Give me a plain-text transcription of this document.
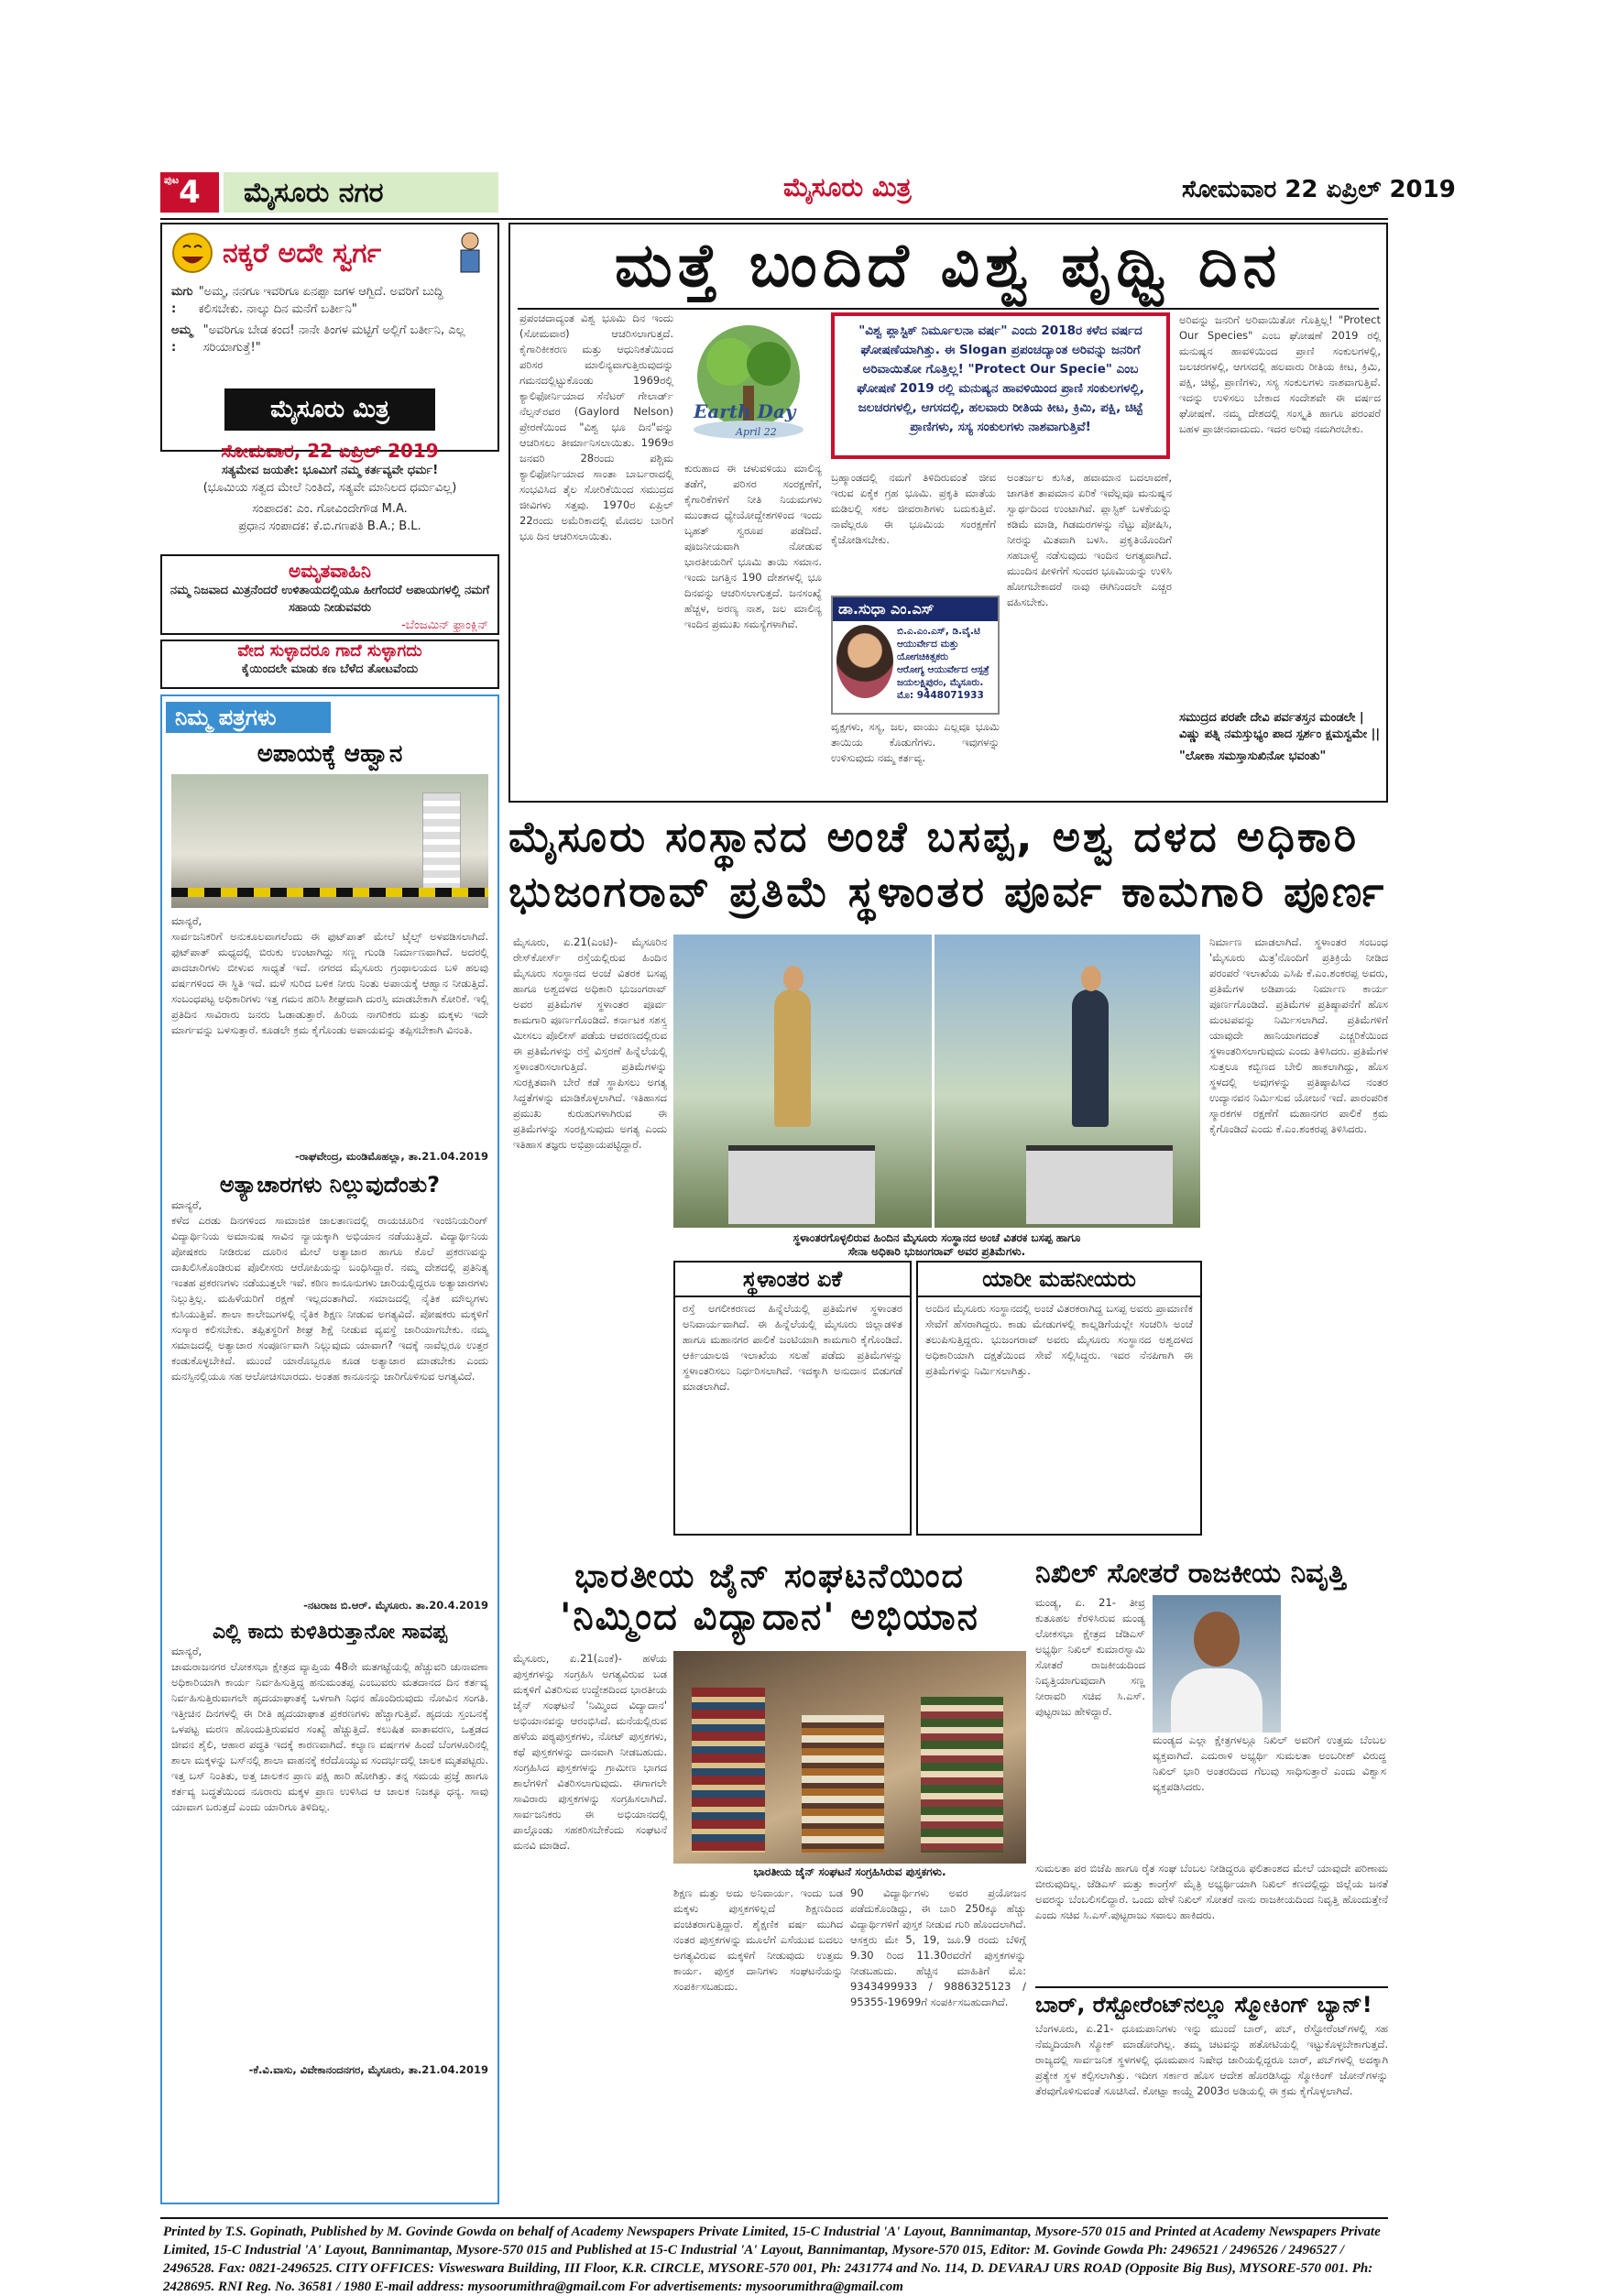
ಪುಟ 4	ಮೈಸೂರು ನಗರ	ಮೈಸೂರು ಮಿತ್ರ	ಸೋಮವಾರ 22 ಏಪ್ರಿಲ್ 2019
ನಕ್ಕರೆ ಅದೇ ಸ್ವರ್ಗ
ಮಗು :
"ಅಮ್ಮ, ನನಗೂ ಇವರಿಗೂ ಏನಪ್ಪಾ ಜಗಳ ಆಗ್ಬಿದೆ. ಅವರಿಗೆ ಬುದ್ಧಿ ಕಲಿಸಬೇಕು. ನಾಲ್ಕು ದಿನ ಮನೆಗೆ ಬರ್ತೀನಿ"
ಅಮ್ಮ :
"ಅವರಿಗೂ ಬೇಡ ಕಂದ! ನಾನೇ ತಿಂಗಳ ಮಟ್ಟಿಗೆ ಅಲ್ಲಿಗೆ ಬರ್ತೀನಿ, ಎಲ್ಲ ಸರಿಯಾಗುತ್ತೆ!"
ಮೈಸೂರು ಮಿತ್ರ
ಸೋಮವಾರ, 22 ಏಪ್ರಿಲ್ 2019
ಸತ್ಯಮೇವ ಜಯತೇ: ಭೂಮಿಗೆ ನಮ್ಮ ಕರ್ತವ್ಯವೇ ಧರ್ಮ!
(ಭೂಮಿಯ ಸತ್ವದ ಮೇಲೆ ನಿಂತಿದೆ, ಸತ್ಯವೇ ಮಾನಿಲದ ಧರ್ಮವಿಲ್ಲ)
ಸಂಪಾದಕ: ಎಂ. ಗೋವಿಂದೇಗೌಡ M.A.
ಪ್ರಧಾನ ಸಂಪಾದಕ: ಕೆ.ಬಿ.ಗಣಪತಿ B.A.; B.L.
ಅಮೃತವಾಹಿನಿ
ನಮ್ಮ ನಿಜವಾದ ಮಿತ್ರನೆಂದರೆ ಉಳಿತಾಯದಲ್ಲಿಯೂ ಹೀಗೆಂದರೆ ಅಪಾಯಗಳಲ್ಲಿ ನಮಗೆ ಸಹಾಯ ನೀಡುವವರು
-ಬೆಂಜಮಿನ್ ಫ್ರಾಂಕ್ಲಿನ್
ವೇದ ಸುಳ್ಳಾದರೂ ಗಾದೆ ಸುಳ್ಳಾಗದು
ಕೈಯಿಂದಲೇ ಮಾಡು ಕಣ ಬೆಳೆದ ತೋಟವೆಂದು
ನಿಮ್ಮ ಪತ್ರಗಳು
ಅಪಾಯಕ್ಕೆ ಆಹ್ವಾನ
ಮಾನ್ಯರೆ,
ಸಾರ್ವಜನಿಕರಿಗೆ ಅನುಕೂಲವಾಗಲೆಂದು ಈ ಫುಟ್‌ಪಾತ್ ಮೇಲೆ ಟೈಲ್ಸ್ ಅಳವಡಿಸಲಾಗಿದೆ. ಫುಟ್‌ಪಾತ್ ಮಧ್ಯದಲ್ಲಿ ಬಿರುಕು ಉಂಟಾಗಿದ್ದು ಸಣ್ಣ ಗುಂಡಿ ನಿರ್ಮಾಣವಾಗಿದೆ. ಅದರಲ್ಲಿ ಪಾದಚಾರಿಗಳು ಬೀಳುವ ಸಾಧ್ಯತೆ ಇದೆ. ನಗರದ ಮೈಸೂರು ಗ್ರಂಥಾಲಯದ ಬಳಿ ಹಲವು ವರ್ಷಗಳಿಂದ ಈ ಸ್ಥಿತಿ ಇದೆ. ಮಳೆ ಸುರಿದ ಬಳಿಕ ನೀರು ನಿಂತು ಅಪಾಯಕ್ಕೆ ಆಹ್ವಾನ ನೀಡುತ್ತಿದೆ. ಸಂಬಂಧಪಟ್ಟ ಅಧಿಕಾರಿಗಳು ಇತ್ತ ಗಮನ ಹರಿಸಿ ಶೀಘ್ರವಾಗಿ ದುರಸ್ತಿ ಮಾಡಬೇಕಾಗಿ ಕೋರಿಕೆ. ಇಲ್ಲಿ ಪ್ರತಿದಿನ ಸಾವಿರಾರು ಜನರು ಓಡಾಡುತ್ತಾರೆ. ಹಿರಿಯ ನಾಗರಿಕರು ಮತ್ತು ಮಕ್ಕಳು ಇದೇ ಮಾರ್ಗವನ್ನು ಬಳಸುತ್ತಾರೆ. ಕೂಡಲೇ ಕ್ರಮ ಕೈಗೊಂಡು ಅಪಾಯವನ್ನು ತಪ್ಪಿಸಬೇಕಾಗಿ ವಿನಂತಿ.
-ರಾಘವೇಂದ್ರ, ಮಂಡಿಮೊಹಲ್ಲಾ, ತಾ.21.04.2019
ಅತ್ಯಾಚಾರಗಳು ನಿಲ್ಲುವುದೆಂತು?
ಮಾನ್ಯರೆ,
ಕಳೆದ ಎರಡು ದಿನಗಳಿಂದ ಸಾಮಾಜಿಕ ಜಾಲತಾಣದಲ್ಲಿ ರಾಯಚೂರಿನ ಇಂಜಿನಿಯರಿಂಗ್ ವಿದ್ಯಾರ್ಥಿನಿಯ ಅಮಾನುಷ ಸಾವಿನ ನ್ಯಾಯಕ್ಕಾಗಿ ಅಭಿಯಾನ ನಡೆಯುತ್ತಿದೆ. ವಿದ್ಯಾರ್ಥಿನಿಯ ಪೋಷಕರು ನೀಡಿರುವ ದೂರಿನ ಮೇಲೆ ಅತ್ಯಾಚಾರ ಹಾಗೂ ಕೊಲೆ ಪ್ರಕರಣವನ್ನು ದಾಖಲಿಸಿಕೊಂಡಿರುವ ಪೊಲೀಸರು ಆರೋಪಿಯನ್ನು ಬಂಧಿಸಿದ್ದಾರೆ. ನಮ್ಮ ದೇಶದಲ್ಲಿ ಪ್ರತಿನಿತ್ಯ ಇಂತಹ ಪ್ರಕರಣಗಳು ನಡೆಯುತ್ತಲೇ ಇವೆ. ಕಠಿಣ ಕಾನೂನುಗಳು ಜಾರಿಯಲ್ಲಿದ್ದರೂ ಅತ್ಯಾಚಾರಗಳು ನಿಲ್ಲುತ್ತಿಲ್ಲ. ಮಹಿಳೆಯರಿಗೆ ರಕ್ಷಣೆ ಇಲ್ಲದಂತಾಗಿದೆ. ಸಮಾಜದಲ್ಲಿ ನೈತಿಕ ಮೌಲ್ಯಗಳು ಕುಸಿಯುತ್ತಿವೆ. ಶಾಲಾ ಕಾಲೇಜುಗಳಲ್ಲಿ ನೈತಿಕ ಶಿಕ್ಷಣ ನೀಡುವ ಅಗತ್ಯವಿದೆ. ಪೋಷಕರು ಮಕ್ಕಳಿಗೆ ಸಂಸ್ಕಾರ ಕಲಿಸಬೇಕು. ತಪ್ಪಿತಸ್ಥರಿಗೆ ಶೀಘ್ರ ಶಿಕ್ಷೆ ನೀಡುವ ವ್ಯವಸ್ಥೆ ಜಾರಿಯಾಗಬೇಕು. ನಮ್ಮ ಸಮಾಜದಲ್ಲಿ ಅತ್ಯಾಚಾರ ಸಂಪೂರ್ಣವಾಗಿ ನಿಲ್ಲುವುದು ಯಾವಾಗ? ಇದಕ್ಕೆ ನಾವೆಲ್ಲರೂ ಉತ್ತರ ಕಂಡುಕೊಳ್ಳಬೇಕಿದೆ. ಮುಂದೆ ಯಾರೊಬ್ಬರೂ ಕೂಡ ಅತ್ಯಾಚಾರ ಮಾಡಬೇಕು ಎಂದು ಮನಸ್ಸಿನಲ್ಲಿಯೂ ಸಹ ಆಲೋಚಿಸಬಾರದು. ಅಂತಹ ಕಾನೂನನ್ನು ಜಾರಿಗೊಳಿಸುವ ಅಗತ್ಯವಿದೆ.
-ನಟರಾಜ ಬಿ.ಆರ್. ಮೈಸೂರು. ತಾ.20.4.2019
ಎಲ್ಲಿ ಕಾದು ಕುಳಿತಿರುತ್ತಾನೋ ಸಾವಪ್ಪ
ಮಾನ್ಯರೆ,
ಚಾಮರಾಜನಗರ ಲೋಕಸಭಾ ಕ್ಷೇತ್ರದ ವ್ಯಾಪ್ತಿಯ 48ನೇ ಮತಗಟ್ಟೆಯಲ್ಲಿ ಹೆಚ್ಚುವರಿ ಚುನಾವಣಾ ಅಧಿಕಾರಿಯಾಗಿ ಕಾರ್ಯ ನಿರ್ವಹಿಸುತ್ತಿದ್ದ ಹನುಮಂತಪ್ಪ ಎಂಬುವರು ಮತದಾನದ ದಿನ ಕರ್ತವ್ಯ ನಿರ್ವಹಿಸುತ್ತಿರುವಾಗಲೇ ಹೃದಯಾಘಾತಕ್ಕೆ ಒಳಗಾಗಿ ನಿಧನ ಹೊಂದಿರುವುದು ನೋವಿನ ಸಂಗತಿ. ಇತ್ತೀಚಿನ ದಿನಗಳಲ್ಲಿ ಈ ರೀತಿ ಹೃದಯಾಘಾತ ಪ್ರಕರಣಗಳು ಹೆಚ್ಚಾಗುತ್ತಿವೆ. ಹೃದಯ ಸ್ತಂಬನಕ್ಕೆ ಒಳಪಟ್ಟ ಮರಣ ಹೊಂದುತ್ತಿರುವವರ ಸಂಖ್ಯೆ ಹೆಚ್ಚುತ್ತಿದೆ. ಕಲುಷಿತ ವಾತಾವರಣ, ಒತ್ತಡದ ಜೀವನ ಶೈಲಿ, ಆಹಾರ ಪದ್ಧತಿ ಇದಕ್ಕೆ ಕಾರಣವಾಗಿದೆ. ಕಲ್ಯಾಣ ವರ್ಷಗಳ ಹಿಂದೆ ಬೆಂಗಳೂರಿನಲ್ಲಿ ಶಾಲಾ ಮಕ್ಕಳನ್ನು ಬಸ್‌ನಲ್ಲಿ ಶಾಲಾ ವಾಹನಕ್ಕೆ ಕರೆದೊಯ್ಯುವ ಸಂದರ್ಭದಲ್ಲಿ ಚಾಲಕ ಮೃತಪಟ್ಟರು. ಇತ್ತ ಬಸ್ ನಿಂತಿತು, ಅತ್ತ ಚಾಲಕನ ಪ್ರಾಣ ಪಕ್ಷಿ ಹಾರಿ ಹೋಗಿತ್ತು. ತನ್ನ ಸಮಯ ಪ್ರಜ್ಞೆ ಹಾಗೂ ಕರ್ತವ್ಯ ಬದ್ಧತೆಯಿಂದ ನೂರಾರು ಮಕ್ಕಳ ಪ್ರಾಣ ಉಳಿಸಿದ ಆ ಚಾಲಕ ನಿಜಕ್ಕೂ ಧನ್ಯ. ಸಾವು ಯಾವಾಗ ಬರುತ್ತದೆ ಎಂದು ಯಾರಿಗೂ ತಿಳಿದಿಲ್ಲ.
-ಕೆ.ವಿ.ವಾಸು, ವಿವೇಕಾನಂದನಗರ, ಮೈಸೂರು, ತಾ.21.04.2019
ಮತ್ತೆ ಬಂದಿದೆ ವಿಶ್ವ ಪೃಥ್ವಿ ದಿನ
ಪ್ರಪಂಚದಾದ್ಯಂತ ವಿಶ್ವ ಭೂಮಿ ದಿನ ಇಂದು (ಸೋಮವಾರ) ಆಚರಿಸಲಾಗುತ್ತದೆ. ಕೈಗಾರಿಕೀಕರಣ ಮತ್ತು ಆಧುನಿಕತೆಯಿಂದ ಪರಿಸರ ಮಾಲಿನ್ಯವಾಗುತ್ತಿರುವುದನ್ನು ಗಮನದಲ್ಲಿಟ್ಟುಕೊಂಡು 1969ರಲ್ಲಿ ಕ್ಯಾಲಿಫೋರ್ನಿಯಾದ ಸೆನೆಟರ್ ಗೇಲಾರ್ಡ್ ನೆಲ್ಸನ್‌ರವರ (Gaylord Nelson) ಪ್ರೇರಣೆಯಿಂದ "ವಿಶ್ವ ಭೂ ದಿನ"ವನ್ನು ಆಚರಿಸಲು ತೀರ್ಮಾನಿಸಲಾಯಿತು. 1969ರ ಜನವರಿ 28ರಂದು ಪಶ್ಚಿಮ ಕ್ಯಾಲಿಫೋರ್ನಿಯಾದ ಸಾಂತಾ ಬಾರ್ಬರಾದಲ್ಲಿ ಸಂಭವಿಸಿದ ತೈಲ ಸೋರಿಕೆಯಿಂದ ಸಮುದ್ರದ ಜೀವಿಗಳು ಸತ್ತವು. 1970ರ ಏಪ್ರಿಲ್ 22ರಂದು ಅಮೆರಿಕಾದಲ್ಲಿ ಮೊದಲ ಬಾರಿಗೆ ಭೂ ದಿನ ಆಚರಿಸಲಾಯಿತು.
Earth Day
April 22
ಕುರುಹಾದ ಈ ಚಳುವಳಿಯು ಮಾಲಿನ್ಯ ತಡೆಗೆ, ಪರಿಸರ ಸಂರಕ್ಷಣೆಗೆ, ಕೈಗಾರಿಕೆಗಳಿಗೆ ನೀತಿ ನಿಯಮಗಳು ಮುಂತಾದ ಧ್ಯೇಯೋದ್ದೇಶಗಳಿಂದ ಇಂದು ಬೃಹತ್ ಸ್ವರೂಪ ಪಡೆದಿದೆ. ಪೂಜನೀಯವಾಗಿ ನೋಡುವ ಭಾರತೀಯರಿಗೆ ಭೂಮಿ ತಾಯಿ ಸಮಾನ. ಇಂದು ಜಗತ್ತಿನ 190 ದೇಶಗಳಲ್ಲಿ ಭೂ ದಿನವನ್ನು ಆಚರಿಸಲಾಗುತ್ತದೆ. ಜನಸಂಖ್ಯೆ ಹೆಚ್ಚಳ, ಅರಣ್ಯ ನಾಶ, ಜಲ ಮಾಲಿನ್ಯ ಇಂದಿನ ಪ್ರಮುಖ ಸಮಸ್ಯೆಗಳಾಗಿವೆ.
"ವಿಶ್ವ ಪ್ಲಾಸ್ಟಿಕ್ ನಿರ್ಮೂಲನಾ ವರ್ಷ" ಎಂದು 2018ರ ಕಳೆದ ವರ್ಷದ ಘೋಷಣೆಯಾಗಿತ್ತು. ಈ Slogan ಪ್ರಪಂಚದ್ಯಾಂತ ಅರಿವನ್ನು ಜನರಿಗೆ ಅರಿವಾಯಿತೋ ಗೊತ್ತಿಲ್ಲ! "Protect Our Specie" ಎಂಬ ಘೋಷಣೆ 2019 ರಲ್ಲಿ ಮನುಷ್ಯನ ಹಾವಳಿಯಿಂದ ಪ್ರಾಣಿ ಸಂಕುಲಗಳಲ್ಲಿ, ಜಲಚರಗಳಲ್ಲಿ, ಆಗಸದಲ್ಲಿ, ಹಲವಾರು ರೀತಿಯ ಕೀಟ, ಕ್ರಿಮಿ, ಪಕ್ಷಿ, ಚಿಟ್ಟೆ ಪ್ರಾಣಿಗಳು, ಸಸ್ಯ ಸಂಕುಲಗಳು ನಾಶವಾಗುತ್ತಿವೆ!
ಬ್ರಹ್ಮಾಂಡದಲ್ಲಿ ನಮಗೆ ತಿಳಿದಿರುವಂತೆ ಜೀವ ಇರುವ ಏಕೈಕ ಗ್ರಹ ಭೂಮಿ. ಪ್ರಕೃತಿ ಮಾತೆಯ ಮಡಿಲಲ್ಲಿ ಸಕಲ ಜೀವರಾಶಿಗಳು ಬದುಕುತ್ತಿವೆ. ನಾವೆಲ್ಲರೂ ಈ ಭೂಮಿಯ ಸಂರಕ್ಷಣೆಗೆ ಕೈಜೋಡಿಸಬೇಕು.
ಡಾ.ಸುಧಾ ಎಂ.ಎಸ್
ಬಿ.ಎ.ಎಂ.ಎಸ್, ಡಿ.ವೈ.ಟಿ
ಆಯುರ್ವೇದ ಮತ್ತು ಯೋಗಚಿಕಿತ್ಸಕರು
ಆರೋಗ್ಯ ಆಯುರ್ವೇದ ಆಸ್ಪತ್ರೆ ಜಯಲಕ್ಷ್ಮಿಪುರಂ, ಮೈಸೂರು.
ಮೊ: 9448071933
ವೃಕ್ಷಗಳು, ಸಸ್ಯ, ಜಲ, ವಾಯು ಎಲ್ಲವೂ ಭೂಮಿ ತಾಯಿಯ ಕೊಡುಗೆಗಳು. ಇವುಗಳನ್ನು ಉಳಿಸುವುದು ನಮ್ಮ ಕರ್ತವ್ಯ.
ಅಂತರ್ಜಲ ಕುಸಿತ, ಹವಾಮಾನ ಬದಲಾವಣೆ, ಜಾಗತಿಕ ತಾಪಮಾನ ಏರಿಕೆ ಇವೆಲ್ಲವೂ ಮನುಷ್ಯನ ಸ್ವಾರ್ಥದಿಂದ ಉಂಟಾಗಿವೆ. ಪ್ಲಾಸ್ಟಿಕ್ ಬಳಕೆಯನ್ನು ಕಡಿಮೆ ಮಾಡಿ, ಗಿಡಮರಗಳನ್ನು ನೆಟ್ಟು ಪೋಷಿಸಿ, ನೀರನ್ನು ಮಿತವಾಗಿ ಬಳಸಿ. ಪ್ರಕೃತಿಯೊಂದಿಗೆ ಸಹಬಾಳ್ವೆ ನಡೆಸುವುದು ಇಂದಿನ ಅಗತ್ಯವಾಗಿದೆ. ಮುಂದಿನ ಪೀಳಿಗೆಗೆ ಸುಂದರ ಭೂಮಿಯನ್ನು ಉಳಿಸಿ ಹೋಗಬೇಕಾದರೆ ನಾವು ಈಗಿನಿಂದಲೇ ಎಚ್ಚರ ವಹಿಸಬೇಕು.
ಅರಿವನ್ನು ಜನರಿಗೆ ಅರಿವಾಯಿತೋ ಗೊತ್ತಿಲ್ಲ! "Protect Our Species" ಎಂಬ ಘೋಷಣೆ 2019 ರಲ್ಲಿ ಮನುಷ್ಯನ ಹಾವಳಿಯಿಂದ ಪ್ರಾಣಿ ಸಂಕುಲಗಳಲ್ಲಿ, ಜಲಚರಗಳಲ್ಲಿ, ಆಗಸದಲ್ಲಿ ಹಲವಾರು ರೀತಿಯ ಕೀಟ, ಕ್ರಿಮಿ, ಪಕ್ಷಿ, ಚಿಟ್ಟೆ, ಪ್ರಾಣಿಗಳು, ಸಸ್ಯ ಸಂಕುಲಗಳು ನಾಶವಾಗುತ್ತಿವೆ. ಇದನ್ನು ಉಳಿಸಲು ಬೇಕಾದ ಸಂದೇಶವೇ ಈ ವರ್ಷದ ಘೋಷಣೆ. ನಮ್ಮ ದೇಶದಲ್ಲಿ ಸಂಸ್ಕೃತಿ ಹಾಗೂ ಪರಂಪರೆ ಬಹಳ ಪ್ರಾಚೀನವಾದುದು. ಇದರ ಅರಿವು ನಮಗಿರಬೇಕು.
ಸಮುದ್ರದ ಪರಪೇ ದೇವಿ ಪರ್ವತಸ್ತನ ಮಂಡಲೇ |
ವಿಷ್ಣು ಪತ್ನಿ ನಮಸ್ತುಭ್ಯಂ ಪಾದ ಸ್ಪರ್ಶಂ ಕ್ಷಮಸ್ವಮೇ ||
"ಲೋಕಾ ಸಮಸ್ತಾಸುಖಿನೋ ಭವಂತು"
ಮೈಸೂರು ಸಂಸ್ಥಾನದ ಅಂಚೆ ಬಸಪ್ಪ, ಅಶ್ವ ದಳದ ಅಧಿಕಾರಿ
ಭುಜಂಗರಾವ್ ಪ್ರತಿಮೆ ಸ್ಥಳಾಂತರ ಪೂರ್ವ ಕಾಮಗಾರಿ ಪೂರ್ಣ
ಮೈಸೂರು, ಏ.21(ಎಂಟಿ)- ಮೈಸೂರಿನ ರೇಸ್‌ಕೋರ್ಸ್ ರಸ್ತೆಯಲ್ಲಿರುವ ಹಿಂದಿನ ಮೈಸೂರು ಸಂಸ್ಥಾನದ ಅಂಚೆ ವಿತರಕ ಬಸಪ್ಪ ಹಾಗೂ ಅಶ್ವದಳದ ಅಧಿಕಾರಿ ಭುಜಂಗರಾವ್ ಅವರ ಪ್ರತಿಮೆಗಳ ಸ್ಥಳಾಂತರ ಪೂರ್ವ ಕಾಮಗಾರಿ ಪೂರ್ಣಗೊಂಡಿದೆ. ಕರ್ನಾಟಕ ಸಶಸ್ತ್ರ ಮೀಸಲು ಪೊಲೀಸ್ ಪಡೆಯ ಆವರಣದಲ್ಲಿರುವ ಈ ಪ್ರತಿಮೆಗಳನ್ನು ರಸ್ತೆ ವಿಸ್ತರಣೆ ಹಿನ್ನೆಲೆಯಲ್ಲಿ ಸ್ಥಳಾಂತರಿಸಲಾಗುತ್ತಿದೆ. ಪ್ರತಿಮೆಗಳನ್ನು ಸುರಕ್ಷಿತವಾಗಿ ಬೇರೆ ಕಡೆ ಸ್ಥಾಪಿಸಲು ಅಗತ್ಯ ಸಿದ್ಧತೆಗಳನ್ನು ಮಾಡಿಕೊಳ್ಳಲಾಗಿದೆ. ಇತಿಹಾಸದ ಪ್ರಮುಖ ಕುರುಹುಗಳಾಗಿರುವ ಈ ಪ್ರತಿಮೆಗಳನ್ನು ಸಂರಕ್ಷಿಸುವುದು ಅಗತ್ಯ ಎಂದು ಇತಿಹಾಸ ತಜ್ಞರು ಅಭಿಪ್ರಾಯಪಟ್ಟಿದ್ದಾರೆ.
ಸ್ಥಳಾಂತರಗೊಳ್ಳಲಿರುವ ಹಿಂದಿನ ಮೈಸೂರು ಸಂಸ್ಥಾನದ ಅಂಚೆ ವಿತರಕ ಬಸಪ್ಪ ಹಾಗೂ
ಸೇನಾ ಅಧಿಕಾರಿ ಭುಜಂಗರಾವ್ ಅವರ ಪ್ರತಿಮೆಗಳು.
ನಿರ್ಮಾಣ ಮಾಡಲಾಗಿದೆ. ಸ್ಥಳಾಂತರ ಸಂಬಂಧ 'ಮೈಸೂರು ಮಿತ್ರ'ನೊಂದಿಗೆ ಪ್ರತಿಕ್ರಿಯೆ ನೀಡಿದ ಪರಂಪರೆ ಇಲಾಖೆಯ ಎಸಿಪಿ ಕೆ.ಎಂ.ಶಂಕರಪ್ಪ ಅವರು, ಪ್ರತಿಮೆಗಳ ಅಡಿಪಾಯ ನಿರ್ಮಾಣ ಕಾರ್ಯ ಪೂರ್ಣಗೊಂಡಿದೆ. ಪ್ರತಿಮೆಗಳ ಪ್ರತಿಷ್ಠಾಪನೆಗೆ ಹೊಸ ಮಂಟಪವನ್ನು ನಿರ್ಮಿಸಲಾಗಿದೆ. ಪ್ರತಿಮೆಗಳಿಗೆ ಯಾವುದೇ ಹಾನಿಯಾಗದಂತೆ ಎಚ್ಚರಿಕೆಯಿಂದ ಸ್ಥಳಾಂತರಿಸಲಾಗುವುದು ಎಂದು ತಿಳಿಸಿದರು. ಪ್ರತಿಮೆಗಳ ಸುತ್ತಲೂ ಕಬ್ಬಿಣದ ಬೇಲಿ ಹಾಕಲಾಗಿದ್ದು, ಹೊಸ ಸ್ಥಳದಲ್ಲಿ ಅವುಗಳನ್ನು ಪ್ರತಿಷ್ಠಾಪಿಸಿದ ನಂತರ ಉದ್ಯಾನವನ ನಿರ್ಮಿಸುವ ಯೋಜನೆ ಇದೆ. ಪಾರಂಪರಿಕ ಸ್ಮಾರಕಗಳ ರಕ್ಷಣೆಗೆ ಮಹಾನಗರ ಪಾಲಿಕೆ ಕ್ರಮ ಕೈಗೊಂಡಿದೆ ಎಂದು ಕೆ.ಎಂ.ಶಂಕರಪ್ಪ ತಿಳಿಸಿದರು.
ಸ್ಥಳಾಂತರ ಏಕೆ
ರಸ್ತೆ ಅಗಲೀಕರಣದ ಹಿನ್ನೆಲೆಯಲ್ಲಿ ಪ್ರತಿಮೆಗಳ ಸ್ಥಳಾಂತರ ಅನಿವಾರ್ಯವಾಗಿದೆ. ಈ ಹಿನ್ನೆಲೆಯಲ್ಲಿ ಮೈಸೂರು ಜಿಲ್ಲಾಡಳಿತ ಹಾಗೂ ಮಹಾನಗರ ಪಾಲಿಕೆ ಜಂಟಿಯಾಗಿ ಕಾಮಗಾರಿ ಕೈಗೊಂಡಿದೆ. ಆರ್ಕಿಯಾಲಜಿ ಇಲಾಖೆಯ ಸಲಹೆ ಪಡೆದು ಪ್ರತಿಮೆಗಳನ್ನು ಸ್ಥಳಾಂತರಿಸಲು ನಿರ್ಧರಿಸಲಾಗಿದೆ. ಇದಕ್ಕಾಗಿ ಅನುದಾನ ಬಿಡುಗಡೆ ಮಾಡಲಾಗಿದೆ.
ಯಾರೀ ಮಹನೀಯರು
ಅಂದಿನ ಮೈಸೂರು ಸಂಸ್ಥಾನದಲ್ಲಿ ಅಂಚೆ ವಿತರಕರಾಗಿದ್ದ ಬಸಪ್ಪ ಅವರು ಪ್ರಾಮಾಣಿಕ ಸೇವೆಗೆ ಹೆಸರಾಗಿದ್ದರು. ಕಾಡು ಮೇಡುಗಳಲ್ಲಿ ಕಾಲ್ನಡಿಗೆಯಲ್ಲೇ ಸಂಚರಿಸಿ ಅಂಚೆ ತಲುಪಿಸುತ್ತಿದ್ದರು. ಭುಜಂಗರಾವ್ ಅವರು ಮೈಸೂರು ಸಂಸ್ಥಾನದ ಅಶ್ವದಳದ ಅಧಿಕಾರಿಯಾಗಿ ದಕ್ಷತೆಯಿಂದ ಸೇವೆ ಸಲ್ಲಿಸಿದ್ದರು. ಇವರ ನೆನಪಿಗಾಗಿ ಈ ಪ್ರತಿಮೆಗಳನ್ನು ನಿರ್ಮಿಸಲಾಗಿತ್ತು.
ಭಾರತೀಯ ಜೈನ್ ಸಂಘಟನೆಯಿಂದ
'ನಿಮ್ಮಿಂದ ವಿದ್ಯಾದಾನ' ಅಭಿಯಾನ
ಮೈಸೂರು, ಏ.21(ಎಂಕೆ)- ಹಳೆಯ ಪುಸ್ತಕಗಳನ್ನು ಸಂಗ್ರಹಿಸಿ ಅಗತ್ಯವಿರುವ ಬಡ ಮಕ್ಕಳಿಗೆ ವಿತರಿಸುವ ಉದ್ದೇಶದಿಂದ ಭಾರತೀಯ ಜೈನ್ ಸಂಘಟನೆ 'ನಿಮ್ಮಿಂದ ವಿದ್ಯಾದಾನ' ಅಭಿಯಾನವನ್ನು ಆರಂಭಿಸಿದೆ. ಮನೆಯಲ್ಲಿರುವ ಹಳೆಯ ಪಠ್ಯಪುಸ್ತಕಗಳು, ನೋಟ್ ಪುಸ್ತಕಗಳು, ಕಥೆ ಪುಸ್ತಕಗಳನ್ನು ದಾನವಾಗಿ ನೀಡಬಹುದು. ಸಂಗ್ರಹಿಸಿದ ಪುಸ್ತಕಗಳನ್ನು ಗ್ರಾಮೀಣ ಭಾಗದ ಶಾಲೆಗಳಿಗೆ ವಿತರಿಸಲಾಗುವುದು. ಈಗಾಗಲೇ ಸಾವಿರಾರು ಪುಸ್ತಕಗಳನ್ನು ಸಂಗ್ರಹಿಸಲಾಗಿದೆ. ಸಾರ್ವಜನಿಕರು ಈ ಅಭಿಯಾನದಲ್ಲಿ ಪಾಲ್ಗೊಂಡು ಸಹಕರಿಸಬೇಕೆಂದು ಸಂಘಟನೆ ಮನವಿ ಮಾಡಿದೆ.
ಭಾರತೀಯ ಜೈನ್ ಸಂಘಟನೆ ಸಂಗ್ರಹಿಸಿರುವ ಪುಸ್ತಕಗಳು.
ಶಿಕ್ಷಣ ಮತ್ತು ಅದು ಅನಿವಾರ್ಯ. ಇಂದು ಬಡ ಮಕ್ಕಳು ಪುಸ್ತಕಗಳಿಲ್ಲದೆ ಶಿಕ್ಷಣದಿಂದ ವಂಚಿತರಾಗುತ್ತಿದ್ದಾರೆ. ಶೈಕ್ಷಣಿಕ ವರ್ಷ ಮುಗಿದ ನಂತರ ಪುಸ್ತಕಗಳನ್ನು ಮೂಲೆಗೆ ಎಸೆಯುವ ಬದಲು ಅಗತ್ಯವಿರುವ ಮಕ್ಕಳಿಗೆ ನೀಡುವುದು ಉತ್ತಮ ಕಾರ್ಯ. ಪುಸ್ತಕ ದಾನಿಗಳು ಸಂಘಟನೆಯನ್ನು ಸಂಪರ್ಕಿಸಬಹುದು.
90 ವಿದ್ಯಾರ್ಥಿಗಳು ಅವರ ಪ್ರಯೋಜನ ಪಡೆದುಕೊಂಡಿದ್ದು, ಈ ಬಾರಿ 250ಕ್ಕೂ ಹೆಚ್ಚು ವಿದ್ಯಾರ್ಥಿಗಳಿಗೆ ಪುಸ್ತಕ ನೀಡುವ ಗುರಿ ಹೊಂದಲಾಗಿದೆ. ಆಸಕ್ತರು ಮೇ 5, 19, ಜೂ.9 ರಂದು ಬೆಳಿಗ್ಗೆ 9.30 ರಿಂದ 11.30ರವರೆಗೆ ಪುಸ್ತಕಗಳನ್ನು ನೀಡಬಹುದು. ಹೆಚ್ಚಿನ ಮಾಹಿತಿಗೆ ಮೊ: 9343499933 / 9886325123 / 95355-19699ಗೆ ಸಂಪರ್ಕಿಸಬಹುದಾಗಿದೆ.
ನಿಖಿಲ್ ಸೋತರೆ ರಾಜಕೀಯ ನಿವೃತ್ತಿ
ಮಂಡ್ಯ, ಏ. 21- ತೀವ್ರ ಕುತೂಹಲ ಕೆರಳಿಸಿರುವ ಮಂಡ್ಯ ಲೋಕಸಭಾ ಕ್ಷೇತ್ರದ ಜೆಡಿಎಸ್ ಅಭ್ಯರ್ಥಿ ನಿಖಿಲ್ ಕುಮಾರಸ್ವಾಮಿ ಸೋತರೆ ರಾಜಕೀಯದಿಂದ ನಿವೃತ್ತಿಯಾಗುವುದಾಗಿ ಸಣ್ಣ ನೀರಾವರಿ ಸಚಿವ ಸಿ.ಎಸ್. ಪುಟ್ಟರಾಜು ಹೇಳಿದ್ದಾರೆ.
ಮಂಡ್ಯದ ಎಲ್ಲಾ ಕ್ಷೇತ್ರಗಳಲ್ಲೂ ನಿಖಿಲ್ ಅವರಿಗೆ ಉತ್ತಮ ಬೆಂಬಲ ವ್ಯಕ್ತವಾಗಿದೆ. ಎದುರಾಳಿ ಅಭ್ಯರ್ಥಿ ಸುಮಲತಾ ಅಂಬರೀಶ್ ವಿರುದ್ಧ ನಿಖಿಲ್ ಭಾರಿ ಅಂತರದಿಂದ ಗೆಲುವು ಸಾಧಿಸುತ್ತಾರೆ ಎಂದು ವಿಶ್ವಾಸ ವ್ಯಕ್ತಪಡಿಸಿದರು.
ಸುಮಲತಾ ಪರ ಬಿಜೆಪಿ ಹಾಗೂ ರೈತ ಸಂಘ ಬೆಂಬಲ ನೀಡಿದ್ದರೂ ಫಲಿತಾಂಶದ ಮೇಲೆ ಯಾವುದೇ ಪರಿಣಾಮ ಬೀರುವುದಿಲ್ಲ. ಜೆಡಿಎಸ್ ಮತ್ತು ಕಾಂಗ್ರೆಸ್ ಮೈತ್ರಿ ಅಭ್ಯರ್ಥಿಯಾಗಿ ನಿಖಿಲ್ ಕಣದಲ್ಲಿದ್ದು ಜಿಲ್ಲೆಯ ಜನತೆ ಅವರನ್ನು ಬೆಂಬಲಿಸಲಿದ್ದಾರೆ. ಒಂದು ವೇಳೆ ನಿಖಿಲ್ ಸೋತರೆ ನಾನು ರಾಜಕೀಯದಿಂದ ನಿವೃತ್ತಿ ಹೊಂದುತ್ತೇನೆ ಎಂದು ಸಚಿವ ಸಿ.ಎಸ್.ಪುಟ್ಟರಾಜು ಸವಾಲು ಹಾಕಿದರು.
ಬಾರ್, ರೆಸ್ಟೋರೆಂಟ್‌ನಲ್ಲೂ ಸ್ಮೋಕಿಂಗ್ ಬ್ಯಾನ್!
ಬೆಂಗಳೂರು, ಏ.21- ಧೂಮಪಾನಿಗಳು ಇನ್ನು ಮುಂದೆ ಬಾರ್, ಪಬ್, ರೆಸ್ಟೋರೆಂಟ್‌ಗಳಲ್ಲಿ ಸಹ ನೆಮ್ಮದಿಯಾಗಿ ಸ್ಮೋಕ್ ಮಾಡೋಂಗಿಲ್ಲ. ತಮ್ಮ ಚಟವನ್ನು ಹತೋಟಿಯಲ್ಲಿ ಇಟ್ಟುಕೊಳ್ಳಬೇಕಾಗುತ್ತದೆ. ರಾಜ್ಯದಲ್ಲಿ ಸಾರ್ವಜನಿಕ ಸ್ಥಳಗಳಲ್ಲಿ ಧೂಮಪಾನ ನಿಷೇಧ ಜಾರಿಯಲ್ಲಿದ್ದರೂ ಬಾರ್, ಪಬ್‌ಗಳಲ್ಲಿ ಅದಕ್ಕಾಗಿ ಪ್ರತ್ಯೇಕ ಸ್ಥಳ ಕಲ್ಪಿಸಲಾಗಿತ್ತು. ಇದೀಗ ಸರ್ಕಾರ ಹೊಸ ಆದೇಶ ಹೊರಡಿಸಿದ್ದು ಸ್ಮೋಕಿಂಗ್ ಜೋನ್‌ಗಳನ್ನು ತೆರವುಗೊಳಿಸುವಂತೆ ಸೂಚಿಸಿದೆ. ಕೋಟ್ಪಾ ಕಾಯ್ದೆ 2003ರ ಅಡಿಯಲ್ಲಿ ಈ ಕ್ರಮ ಕೈಗೊಳ್ಳಲಾಗಿದೆ.
Printed by T.S. Gopinath, Published by M. Govinde Gowda on behalf of Academy Newspapers Private Limited, 15-C Industrial 'A' Layout, Bannimantap, Mysore-570 015 and Printed at Academy Newspapers Private Limited, 15-C Industrial 'A' Layout, Bannimantap, Mysore-570 015 and Published at 15-C Industrial 'A' Layout, Bannimantap, Mysore-570 015, Editor: M. Govinde Gowda Ph: 2496521 / 2496526 / 2496527 / 2496528. Fax: 0821-2496525. CITY OFFICES: Visweswara Building, III Floor, K.R. CIRCLE, MYSORE-570 001, Ph: 2431774 and No. 114, D. DEVARAJ URS ROAD (Opposite Big Bus), MYSORE-570 001. Ph: 2428695. RNI Reg. No. 36581 / 1980 E-mail address: mysoorumithra@gmail.com For advertisements: mysoorumithra@gmail.com
